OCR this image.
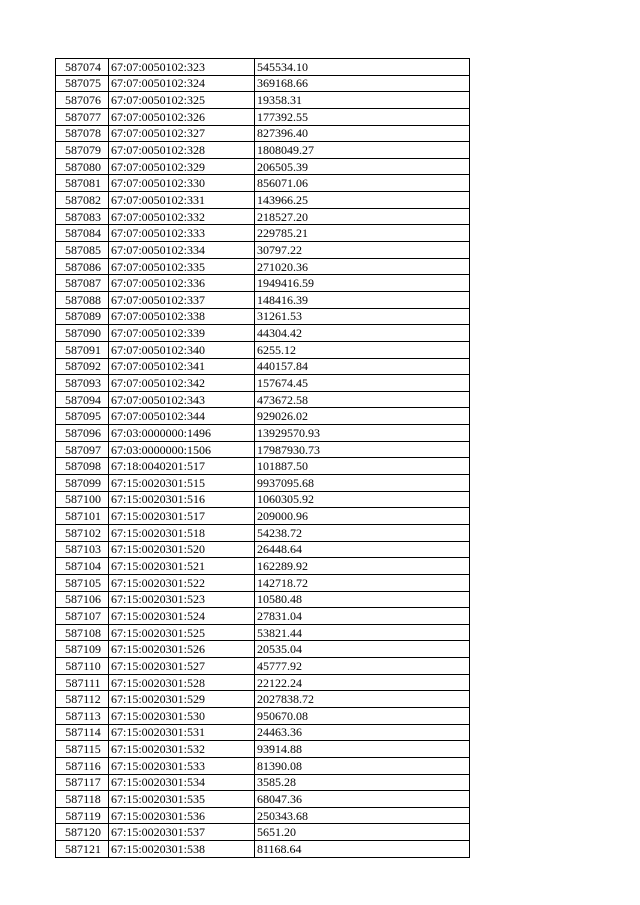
587074	67:07:0050102:323	545534.10
587075	67:07:0050102:324	369168.66
587076	67:07:0050102:325	19358.31
587077	67:07:0050102:326	177392.55
587078	67:07:0050102:327	827396.40
587079	67:07:0050102:328	1808049.27
587080	67:07:0050102:329	206505.39
587081	67:07:0050102:330	856071.06
587082	67:07:0050102:331	143966.25
587083	67:07:0050102:332	218527.20
587084	67:07:0050102:333	229785.21
587085	67:07:0050102:334	30797.22
587086	67:07:0050102:335	271020.36
587087	67:07:0050102:336	1949416.59
587088	67:07:0050102:337	148416.39
587089	67:07:0050102:338	31261.53
587090	67:07:0050102:339	44304.42
587091	67:07:0050102:340	6255.12
587092	67:07:0050102:341	440157.84
587093	67:07:0050102:342	157674.45
587094	67:07:0050102:343	473672.58
587095	67:07:0050102:344	929026.02
587096	67:03:0000000:1496	13929570.93
587097	67:03:0000000:1506	17987930.73
587098	67:18:0040201:517	101887.50
587099	67:15:0020301:515	9937095.68
587100	67:15:0020301:516	1060305.92
587101	67:15:0020301:517	209000.96
587102	67:15:0020301:518	54238.72
587103	67:15:0020301:520	26448.64
587104	67:15:0020301:521	162289.92
587105	67:15:0020301:522	142718.72
587106	67:15:0020301:523	10580.48
587107	67:15:0020301:524	27831.04
587108	67:15:0020301:525	53821.44
587109	67:15:0020301:526	20535.04
587110	67:15:0020301:527	45777.92
587111	67:15:0020301:528	22122.24
587112	67:15:0020301:529	2027838.72
587113	67:15:0020301:530	950670.08
587114	67:15:0020301:531	24463.36
587115	67:15:0020301:532	93914.88
587116	67:15:0020301:533	81390.08
587117	67:15:0020301:534	3585.28
587118	67:15:0020301:535	68047.36
587119	67:15:0020301:536	250343.68
587120	67:15:0020301:537	5651.20
587121	67:15:0020301:538	81168.64
